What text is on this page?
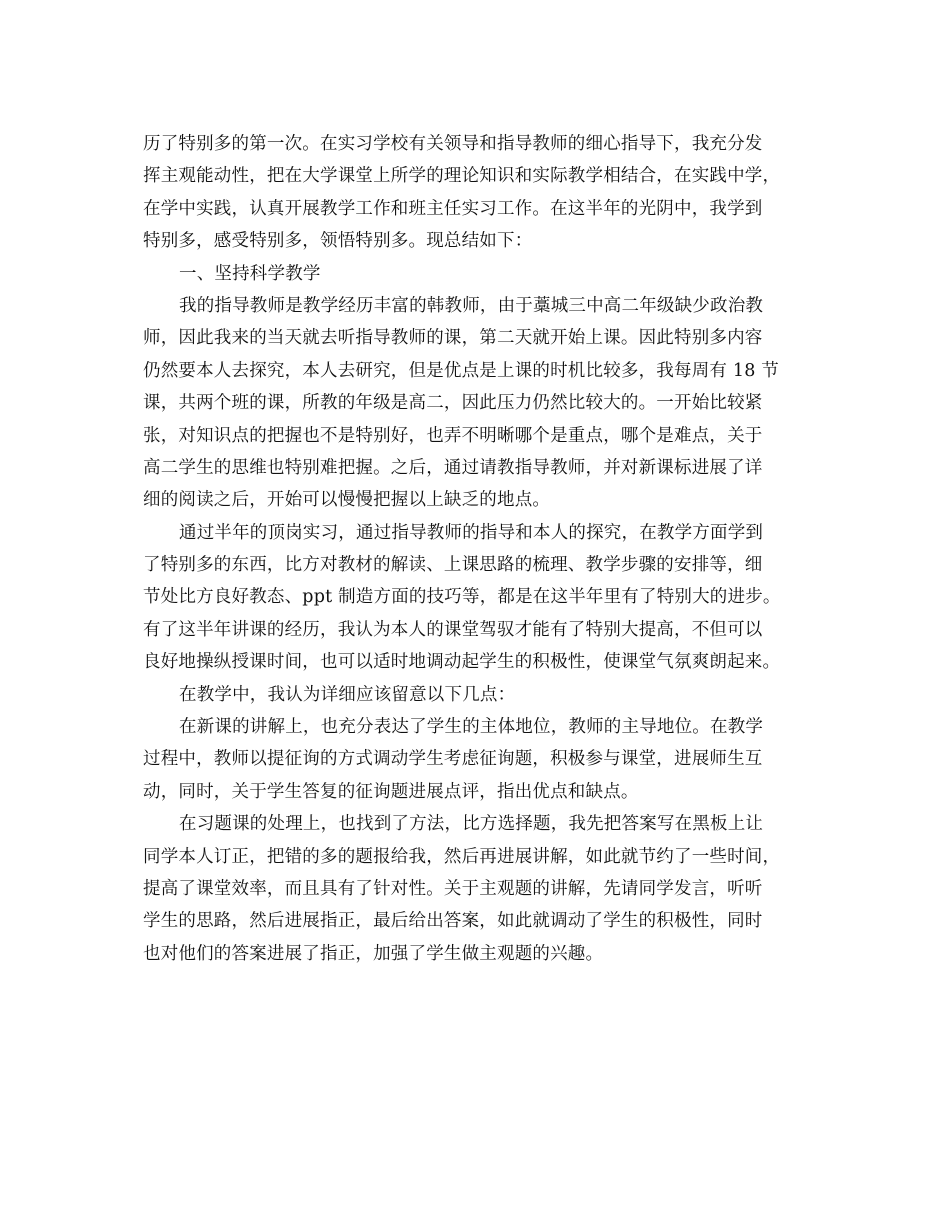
历了特别多的第一次。在实习学校有关领导和指导教师的细心指导下，我充分发
挥主观能动性，把在大学课堂上所学的理论知识和实际教学相结合，在实践中学，
在学中实践，认真开展教学工作和班主任实习工作。在这半年的光阴中，我学到
特别多，感受特别多，领悟特别多。现总结如下：
一、坚持科学教学
我的指导教师是教学经历丰富的韩教师，由于藁城三中高二年级缺少政治教
师，因此我来的当天就去听指导教师的课，第二天就开始上课。因此特别多内容
仍然要本人去探究，本人去研究，但是优点是上课的时机比较多，我每周有 18 节
课，共两个班的课，所教的年级是高二，因此压力仍然比较大的。一开始比较紧
张，对知识点的把握也不是特别好，也弄不明晰哪个是重点，哪个是难点，关于
高二学生的思维也特别难把握。之后，通过请教指导教师，并对新课标进展了详
细的阅读之后，开始可以慢慢把握以上缺乏的地点。
通过半年的顶岗实习，通过指导教师的指导和本人的探究，在教学方面学到
了特别多的东西，比方对教材的解读、上课思路的梳理、教学步骤的安排等，细
节处比方良好教态、ppt 制造方面的技巧等，都是在这半年里有了特别大的进步。
有了这半年讲课的经历，我认为本人的课堂驾驭才能有了特别大提高，不但可以
良好地操纵授课时间，也可以适时地调动起学生的积极性，使课堂气氛爽朗起来。
在教学中，我认为详细应该留意以下几点：
在新课的讲解上，也充分表达了学生的主体地位，教师的主导地位。在教学
过程中，教师以提征询的方式调动学生考虑征询题，积极参与课堂，进展师生互
动，同时，关于学生答复的征询题进展点评，指出优点和缺点。
在习题课的处理上，也找到了方法，比方选择题，我先把答案写在黑板上让
同学本人订正，把错的多的题报给我，然后再进展讲解，如此就节约了一些时间，
提高了课堂效率，而且具有了针对性。关于主观题的讲解，先请同学发言，听听
学生的思路，然后进展指正，最后给出答案，如此就调动了学生的积极性，同时
也对他们的答案进展了指正，加强了学生做主观题的兴趣。
